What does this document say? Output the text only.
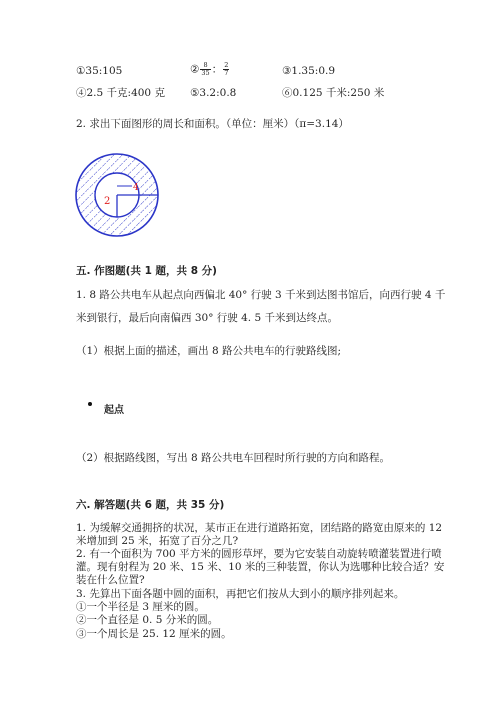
①35:105	② $\frac{8}{35}$ ： $\frac{2}{7}$	③1.35:0.9
④2.5 千克:400 克 ⑤3.2:0.8	⑥0.125 千米:250 米
2. 求出下面图形的周长和面积。（单位：厘米）（π=3.14）
2
4
五. 作图题(共 1 题，共 8 分)
1. 8 路公共电车从起点向西偏北 40° 行驶 3 千米到达图书馆后，向西行驶 4 千
米到银行，最后向南偏西 30° 行驶 4. 5 千米到达终点。
（1）根据上面的描述，画出 8 路公共电车的行驶路线图;
起点
（2）根据路线图，写出 8 路公共电车回程时所行驶的方向和路程。
六. 解答题(共 6 题，共 35 分)
1. 为缓解交通拥挤的状况，某市正在进行道路拓宽，团结路的路宽由原来的 12
米增加到 25 米，拓宽了百分之几?
2. 有一个面积为 700 平方米的圆形草坪，要为它安装自动旋转喷灌装置进行喷
灌。现有射程为 20 米、15 米、10 米的三种装置，你认为选哪种比较合适？安
装在什么位置?
3. 先算出下面各题中圆的面积，再把它们按从大到小的顺序排列起来。
①一个半径是 3 厘米的圆。
②一个直径是 0. 5 分米的圆。
③一个周长是 25. 12 厘米的圆。
